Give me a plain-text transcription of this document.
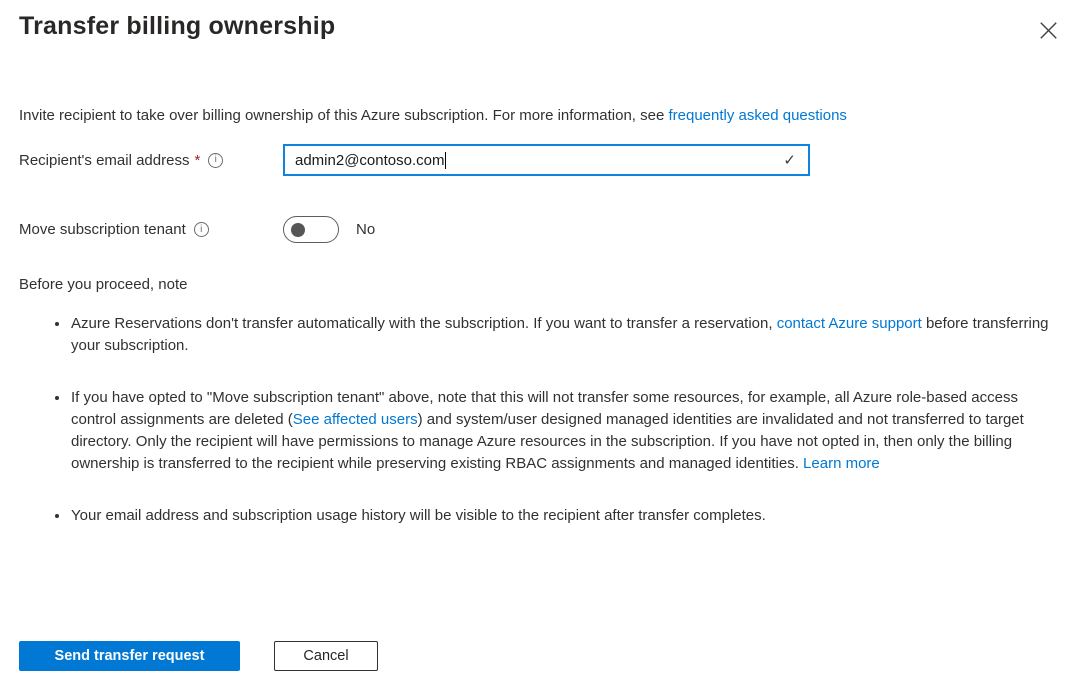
Transfer billing ownership

Invite recipient to take over billing ownership of this Azure subscription. For more information, see frequently asked questions

Recipient's email address *	i	admin2@contoso.com	✓
Move subscription tenant	i	No

Before you proceed, note

• Azure Reservations don't transfer automatically with the subscription. If you want to transfer a reservation, contact Azure support before transferring your subscription.
• If you have opted to "Move subscription tenant" above, note that this will not transfer some resources, for example, all Azure role-based access control assignments are deleted (See affected users) and system/user designed managed identities are invalidated and not transferred to target directory. Only the recipient will have permissions to manage Azure resources in the subscription. If you have not opted in, then only the billing ownership is transferred to the recipient while preserving existing RBAC assignments and managed identities. Learn more
• Your email address and subscription usage history will be visible to the recipient after transfer completes.
Send transfer request	Cancel
